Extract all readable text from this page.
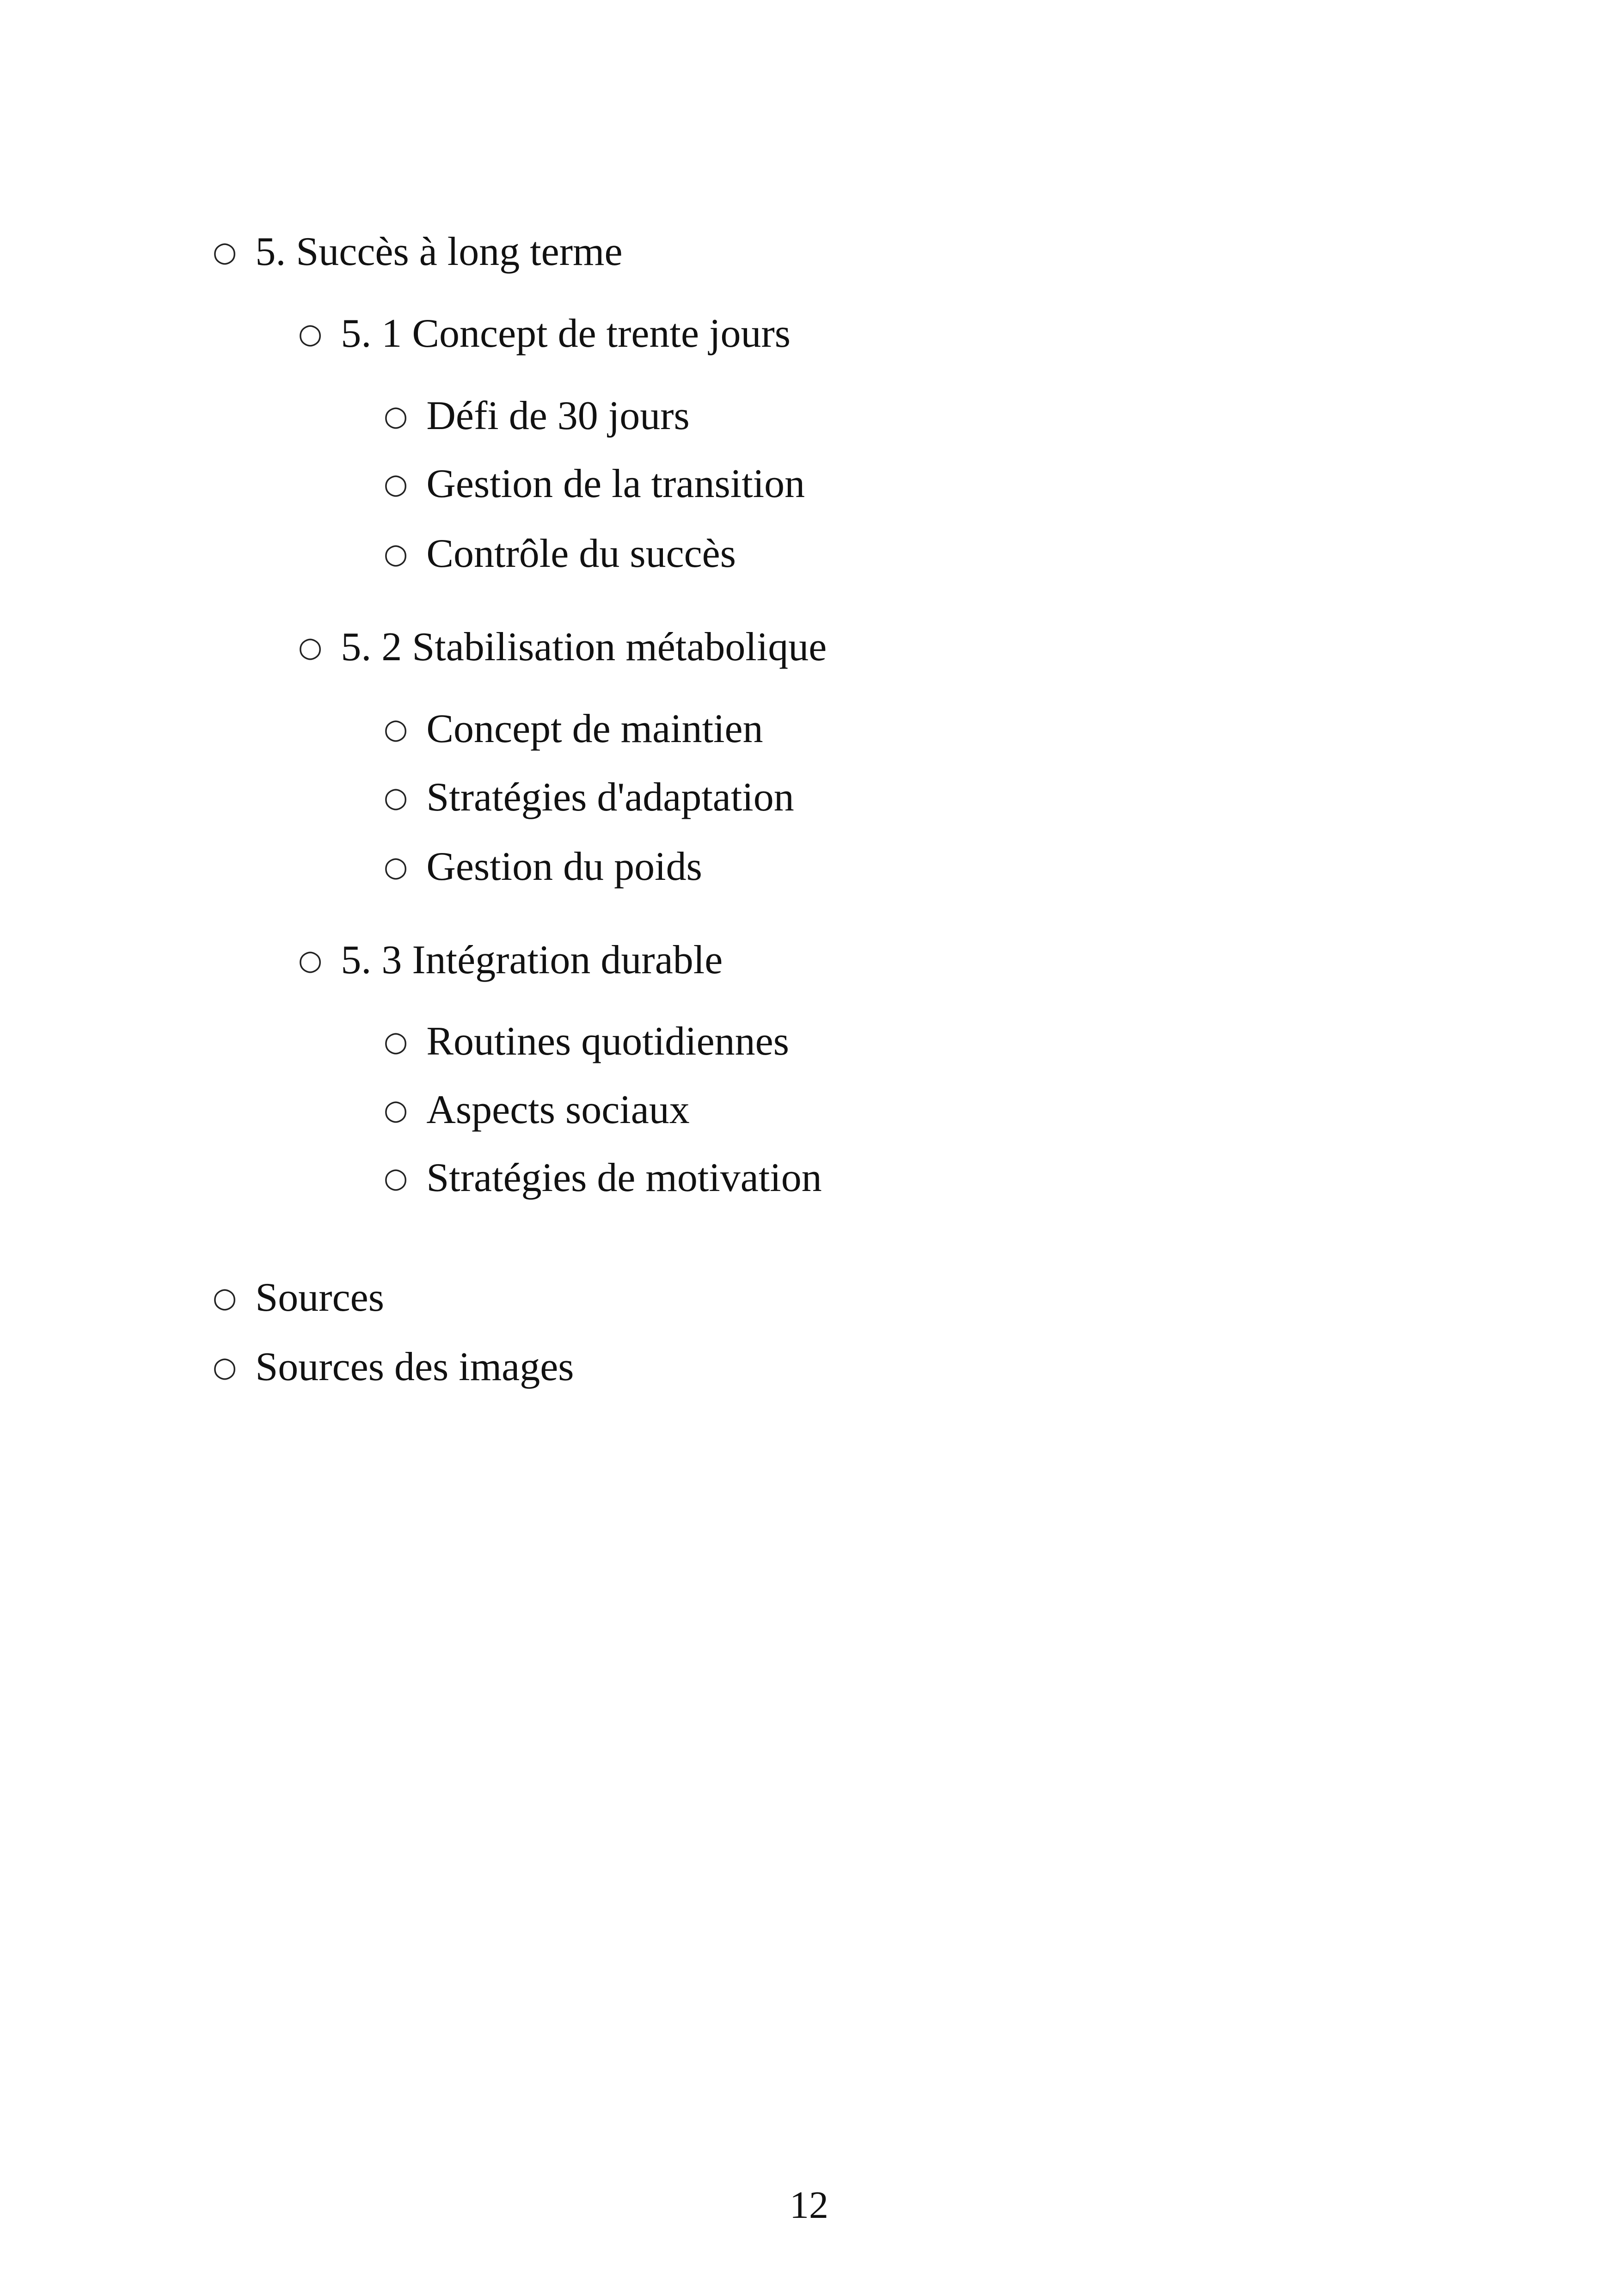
○ 5. Succès à long terme
○ 5. 1 Concept de trente jours
○ Défi de 30 jours
○ Gestion de la transition
○ Contrôle du succès
○ 5. 2 Stabilisation métabolique
○ Concept de maintien
○ Stratégies d'adaptation
○ Gestion du poids
○ 5. 3 Intégration durable
○ Routines quotidiennes
○ Aspects sociaux
○ Stratégies de motivation
○ Sources
○ Sources des images
12
